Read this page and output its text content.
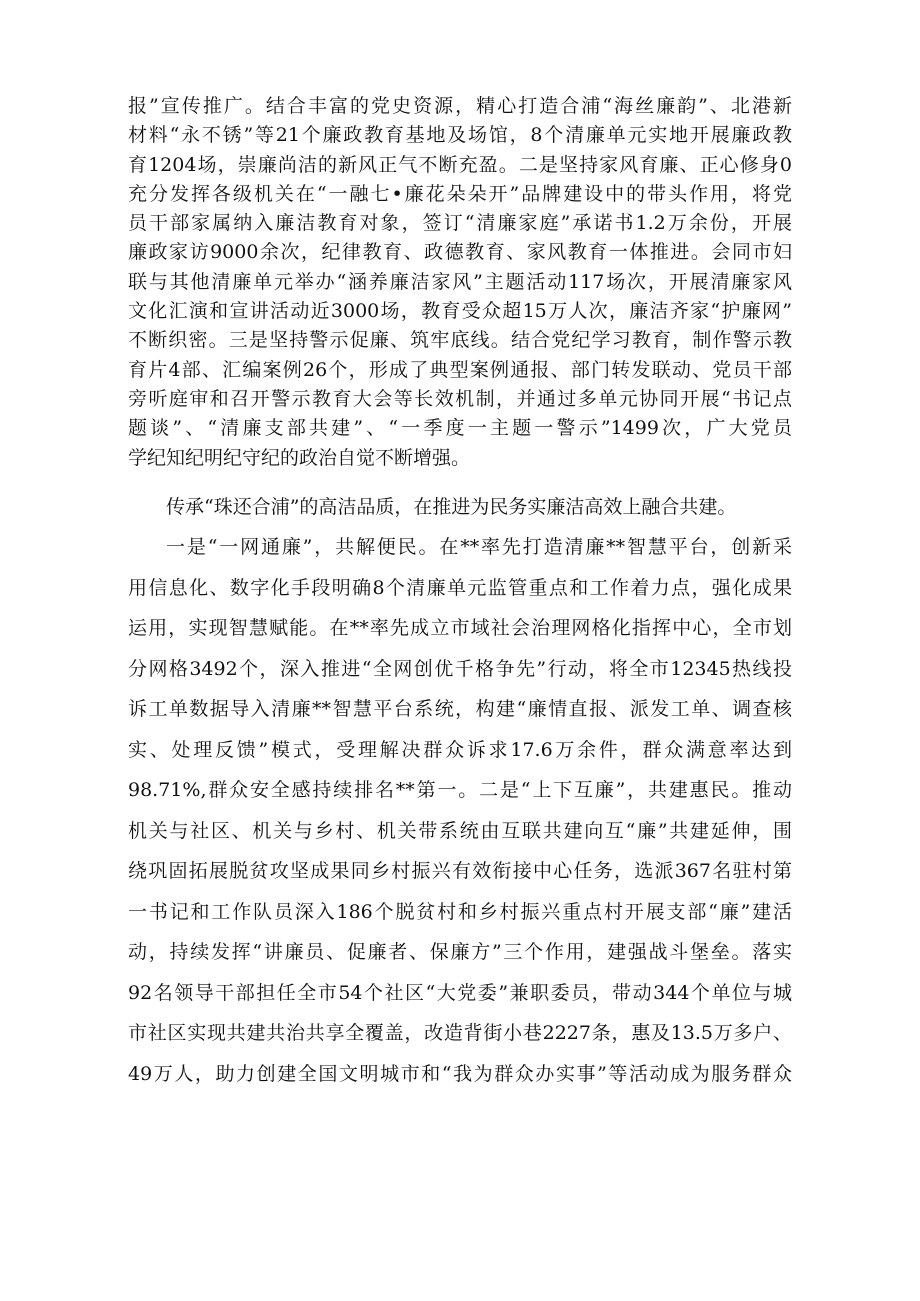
报”宣传推广。结合丰富的党史资源，精心打造合浦“海丝廉韵”、北港新
材料“永不锈”等21个廉政教育基地及场馆，8个清廉单元实地开展廉政教
育1204场，崇廉尚洁的新风正气不断充盈。二是坚持家风育廉、正心修身0
充分发挥各级机关在“一融七•廉花朵朵开”品牌建设中的带头作用，将党
员干部家属纳入廉洁教育对象，签订“清廉家庭”承诺书1.2万余份，开展
廉政家访9000余次，纪律教育、政德教育、家风教育一体推进。会同市妇
联与其他清廉单元举办“涵养廉洁家风”主题活动117场次，开展清廉家风
文化汇演和宣讲活动近3000场，教育受众超15万人次，廉洁齐家“护廉网”
不断织密。三是坚持警示促廉、筑牢底线。结合党纪学习教育，制作警示教
育片4部、汇编案例26个，形成了典型案例通报、部门转发联动、党员干部
旁听庭审和召开警示教育大会等长效机制，并通过多单元协同开展“书记点
题谈”、“清廉支部共建”、“一季度一主题一警示”1499次，广大党员
学纪知纪明纪守纪的政治自觉不断增强。
传承“珠还合浦”的高洁品质，在推进为民务实廉洁高效上融合共建。
一是“一网通廉”，共解便民。在**率先打造清廉**智慧平台，创新采
用信息化、数字化手段明确8个清廉单元监管重点和工作着力点，强化成果
运用，实现智慧赋能。在**率先成立市域社会治理网格化指挥中心，全市划
分网格3492个，深入推进“全网创优千格争先”行动，将全市12345热线投
诉工单数据导入清廉**智慧平台系统，构建“廉情直报、派发工单、调查核
实、处理反馈”模式，受理解决群众诉求17.6万余件，群众满意率达到
98.71%,群众安全感持续排名**第一。二是“上下互廉”，共建惠民。推动
机关与社区、机关与乡村、机关带系统由互联共建向互“廉”共建延伸，围
绕巩固拓展脱贫攻坚成果同乡村振兴有效衔接中心任务，选派367名驻村第
一书记和工作队员深入186个脱贫村和乡村振兴重点村开展支部“廉”建活
动，持续发挥“讲廉员、促廉者、保廉方”三个作用，建强战斗堡垒。落实
92名领导干部担任全市54个社区“大党委”兼职委员，带动344个单位与城
市社区实现共建共治共享全覆盖，改造背街小巷2227条，惠及13.5万多户、
49万人，助力创建全国文明城市和“我为群众办实事”等活动成为服务群众
